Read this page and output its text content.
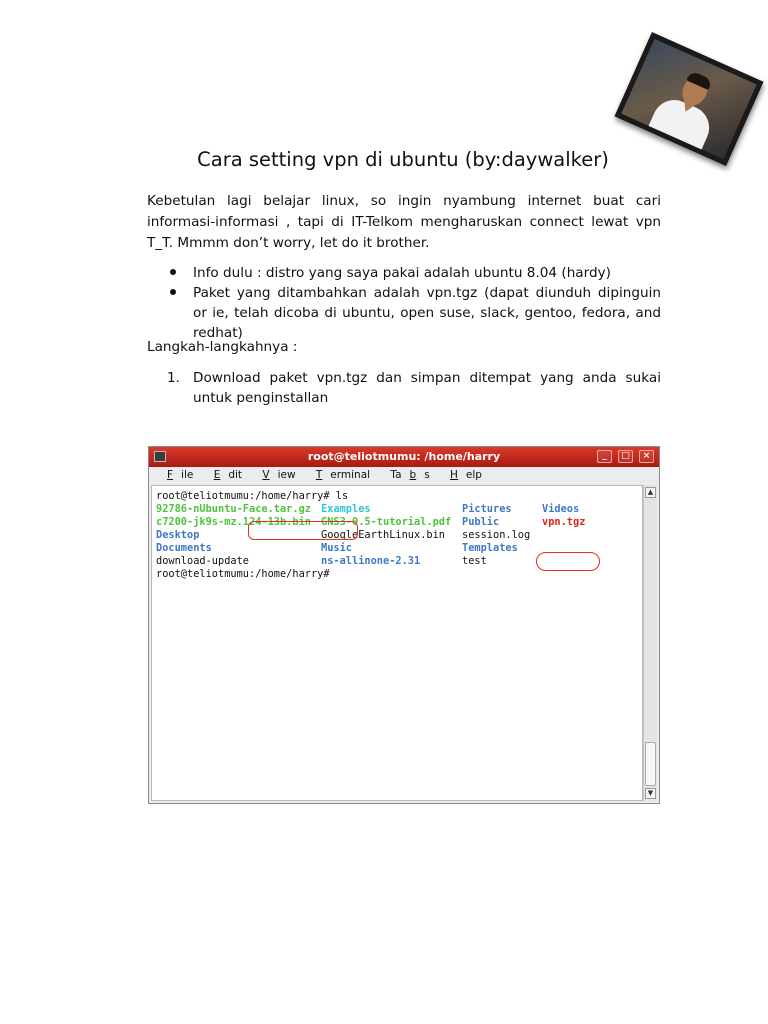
Cara setting vpn di ubuntu (by:daywalker)

Kebetulan lagi belajar linux, so ingin nyambung internet buat cari informasi-informasi , tapi di IT-Telkom mengharuskan connect lewat vpn T_T. Mmmm don’t worry, let do it brother.

Info dulu : distro yang saya pakai adalah ubuntu 8.04 (hardy)
Paket yang ditambahkan adalah vpn.tgz (dapat diunduh dipinguin or ie, telah dicoba di ubuntu, open suse, slack, gentoo, fedora, and redhat)

Langkah-langkahnya :

1. Download paket vpn.tgz dan simpan ditempat yang anda sukai untuk penginstallan
root@teliotmumu: /home/harry	_	□	×
F ile E dit V iew T erminal Ta b s H elp
root@teliotmumu:/home/harry# ls
92786-nUbuntu-Face.tar.gz Examples	Pictures	Videos
c7200-jk9s-mz.124-13b.bin GNS3-0.5-tutorial.pdf Public	vpn.tgz
Desktop	GoogleEarthLinux.bin session.log
Documents	Music	Templates
download-update	ns-allinone-2.31	test
root@teliotmumu:/home/harry#
▲
▼
